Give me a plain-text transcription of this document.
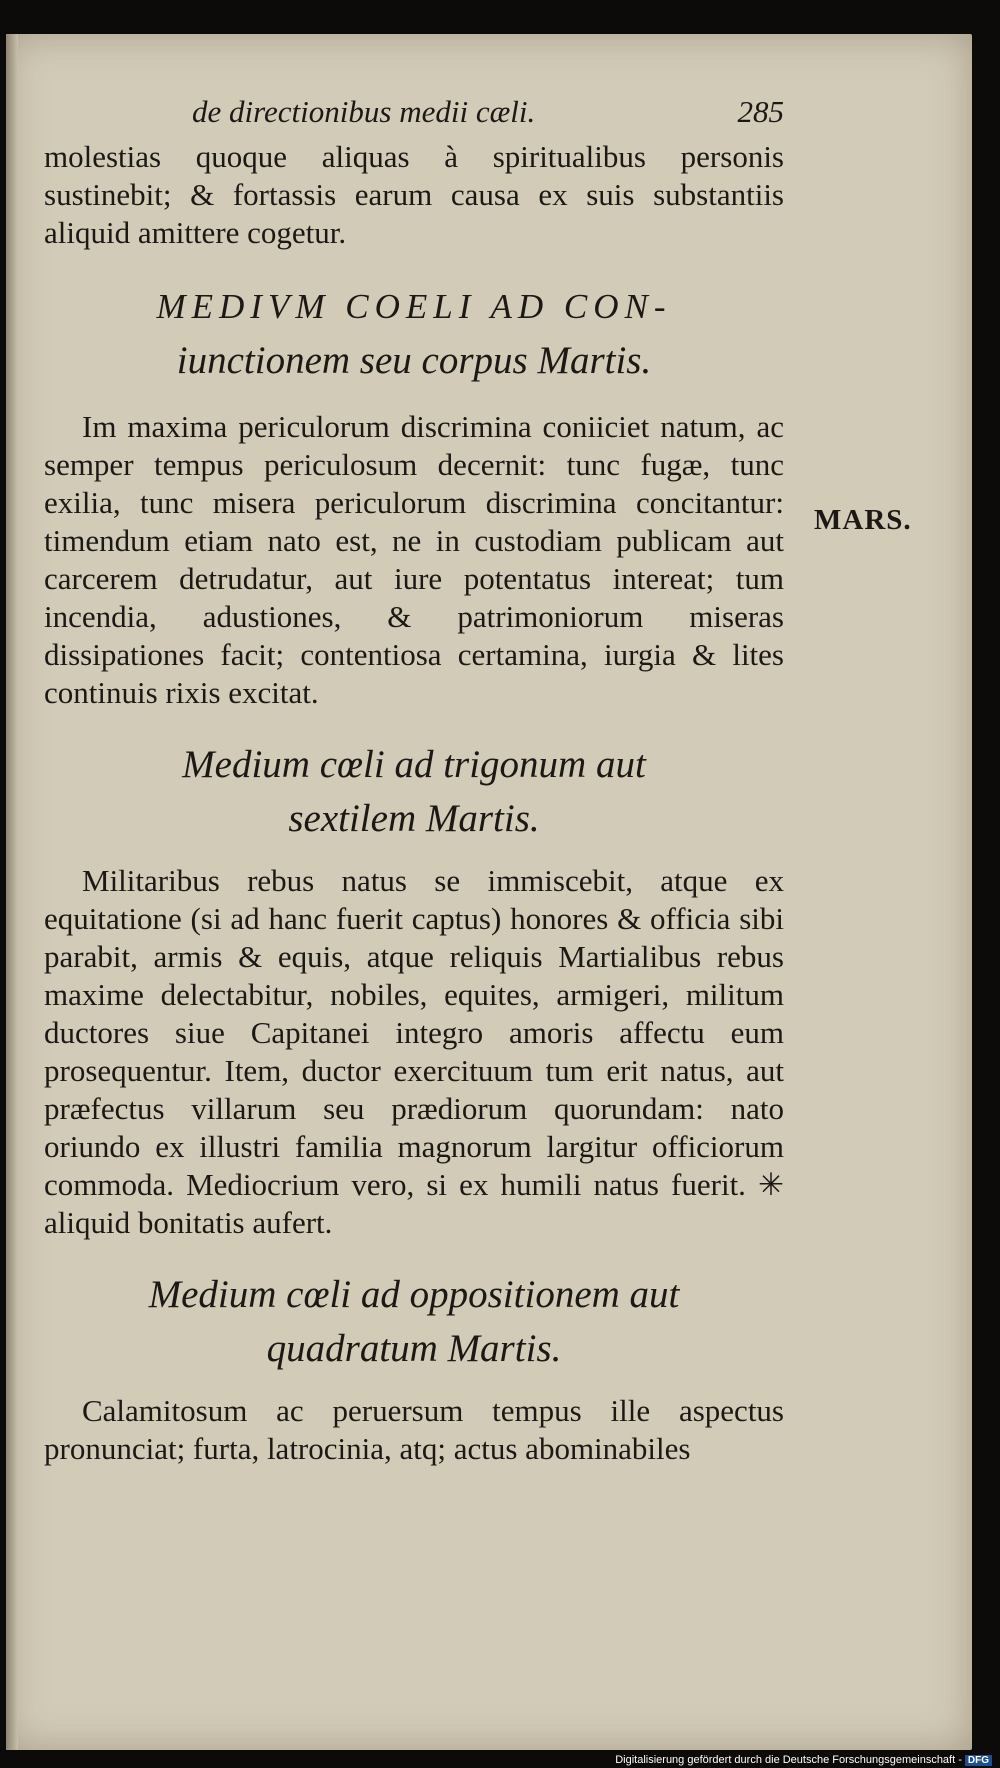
de directionibus medii cæli.	285

molestias quoque aliquas à spiritualibus personis sustinebit; & fortassis earum causa ex suis substantiis aliquid amittere cogetur.

MEDIVM COELI AD CON-
iunctionem seu corpus Martis.

Im maxima periculorum discrimina coniiciet natum, ac semper tempus periculosum decernit: tunc fugæ, tunc exilia, tunc misera periculorum discrimina concitantur: timendum etiam nato est, ne in custodiam publicam aut carcerem detrudatur, aut iure potentatus intereat; tum incendia, adustiones, & patrimoniorum miseras dissipationes facit; contentiosa certamina, iurgia & lites continuis rixis excitat.

Medium cœli ad trigonum aut
sextilem Martis.

Militaribus rebus natus se immiscebit, atque ex equitatione (si ad hanc fuerit captus) honores & officia sibi parabit, armis & equis, atque reliquis Martialibus rebus maxime delectabitur, nobiles, equites, armigeri, militum ductores siue Capitanei integro amoris affectu eum prosequentur. Item, ductor exercituum tum erit natus, aut præfectus villarum seu prædiorum quorundam: nato oriundo ex illustri familia magnorum largitur officiorum commoda. Mediocrium vero, si ex humili natus fuerit. ✳ aliquid bonitatis aufert.

Medium cœli ad oppositionem aut
quadratum Martis.

Calamitosum ac peruersum tempus ille aspectus pronunciat; furta, latrocinia, atq; actus abominabiles

MARS.
Digitalisierung gefördert durch die Deutsche Forschungsgemeinschaft - DFG
